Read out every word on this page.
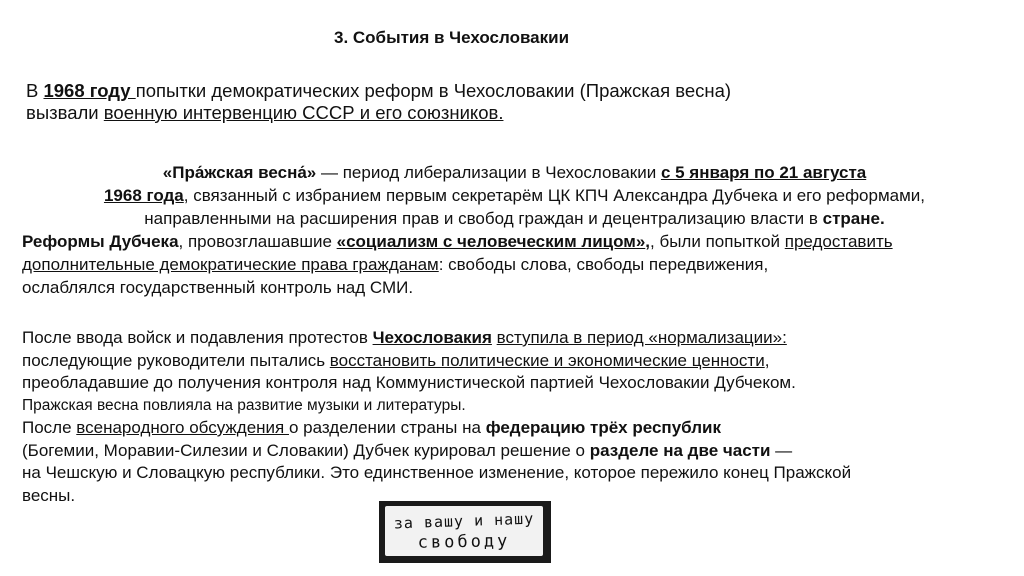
3. События в Чехословакии
В 1968 году попытки демократических реформ в Чехословакии (Пражская весна)
вызвали военную интервенцию СССР и его союзников.
«Пра́жская весна́» — период либерализации в Чехословакии с 5 января по 21 августа
1968 года, связанный с избранием первым секретарём ЦК КПЧ Александра Дубчека и его реформами,
направленными на расширения прав и свобод граждан и децентрализацию власти в стране.
Реформы Дубчека, провозглашавшие «социализм с человеческим лицом»,, были попыткой предоставить
дополнительные демократические права гражданам: свободы слова, свободы передвижения,
ослаблялся государственный контроль над СМИ.
После ввода войск и подавления протестов Чехословакия вступила в период «нормализации»:
последующие руководители пытались восстановить политические и экономические ценности,
преобладавшие до получения контроля над Коммунистической партией Чехословакии Дубчеком.
Пражская весна повлияла на развитие музыки и литературы.
После всенародного обсуждения о разделении страны на федерацию трёх республик
(Богемии, Моравии-Силезии и Словакии) Дубчек курировал решение о разделе на две части —
на Чешскую и Словацкую республики. Это единственное изменение, которое пережило конец Пражской
весны.
за вашу и нашу
свободу
